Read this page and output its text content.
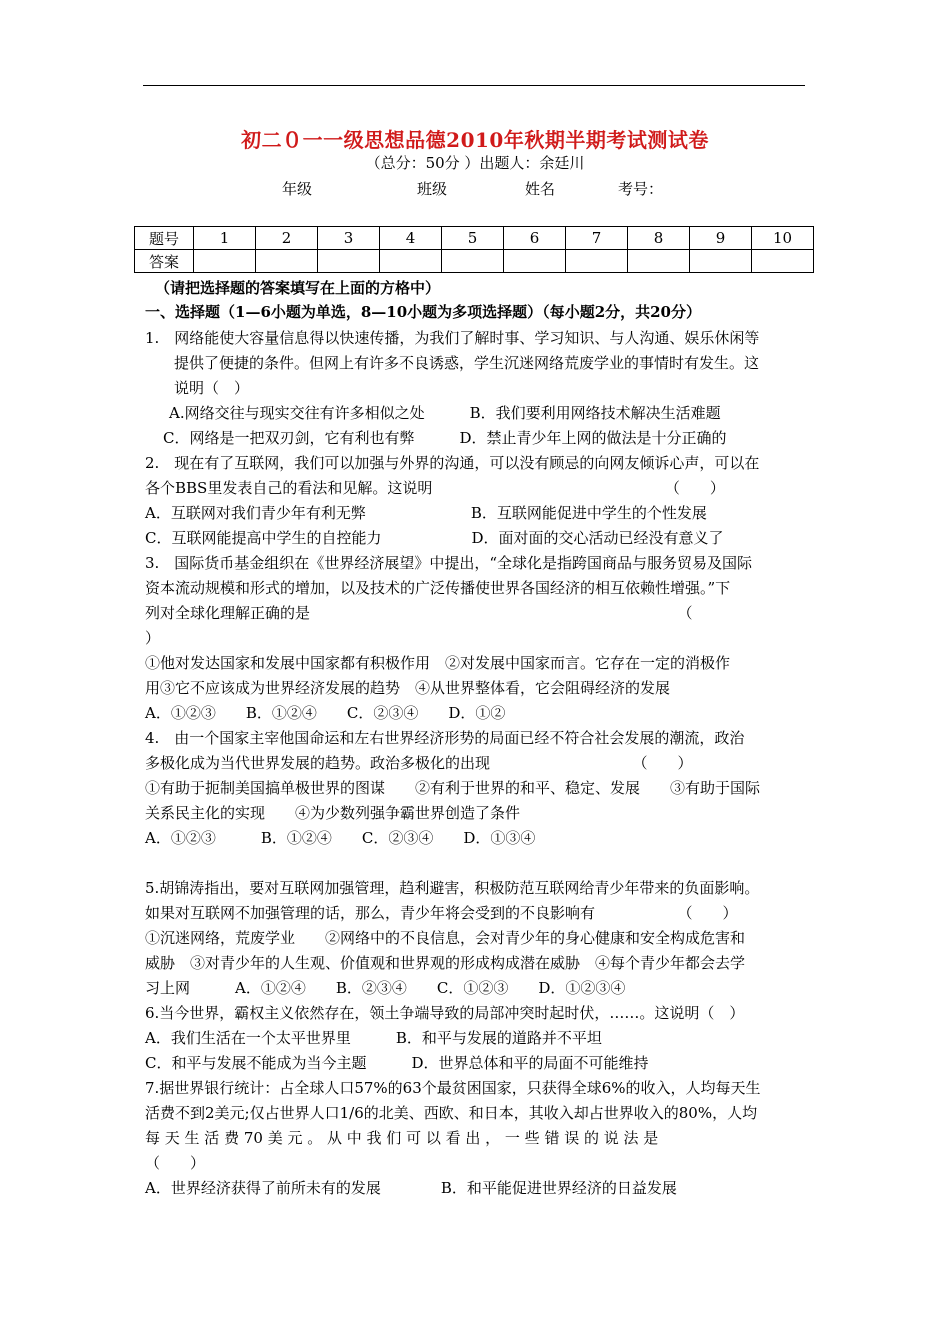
初二０一一级思想品德2010年秋期半期考试测试卷
（总分：50分 ）出题人：余廷川
年级	班级	姓名	考号：
题号	1	2	3	4	5	6	7	8	9	10
答案										
（请把选择题的答案填写在上面的方格中）
一、选择题（1—6小题为单选，8—10小题为多项选择题）（每小题2分，共20分）
1.　网络能使大容量信息得以快速传播，为我们了解时事、学习知识、与人沟通、娱乐休闲等
提供了便捷的条件。但网上有许多不良诱惑，学生沉迷网络荒废学业的事情时有发生。这
说明（　）
A.网络交往与现实交往有许多相似之处　　　B．我们要利用网络技术解决生活难题
C．网络是一把双刃剑，它有利也有弊　　　D．禁止青少年上网的做法是十分正确的
2.　现在有了互联网，我们可以加强与外界的沟通，可以没有顾忌的向网友倾诉心声，可以在
各个BBS里发表自己的看法和见解。这说明　　　　　　　　　　　　　　　　（　　）
A．互联网对我们青少年有利无弊　　　　　　　B．互联网能促进中学生的个性发展
C．互联网能提高中学生的自控能力　　　　　　D．面对面的交心活动已经没有意义了
3.　国际货币基金组织在《世界经济展望》中提出，“全球化是指跨国商品与服务贸易及国际
资本流动规模和形式的增加，以及技术的广泛传播使世界各国经济的相互依赖性增强。”下
列对全球化理解正确的是　　　　　　　　　　　　　　　　　　　　　　　　　（
）
①他对发达国家和发展中国家都有积极作用　②对发展中国家而言。它存在一定的消极作
用③它不应该成为世界经济发展的趋势　④从世界整体看，它会阻碍经济的发展
A．①②③　　B．①②④　　C．②③④　　D．①②
4.　由一个国家主宰他国命运和左右世界经济形势的局面已经不符合社会发展的潮流，政治
多极化成为当代世界发展的趋势。政治多极化的出现　　　　　　　　　　（　　）
①有助于扼制美国搞单极世界的图谋　　②有利于世界的和平、稳定、发展　　③有助于国际
关系民主化的实现　　④为少数列强争霸世界创造了条件
A．①②③　　　B．①②④　　C．②③④　　D．①③④
5.胡锦涛指出，要对互联网加强管理，趋利避害，积极防范互联网给青少年带来的负面影响。
如果对互联网不加强管理的话，那么，青少年将会受到的不良影响有　　　　　　（　　）
①沉迷网络，荒废学业　　②网络中的不良信息，会对青少年的身心健康和安全构成危害和
威胁　③对青少年的人生观、价值观和世界观的形成构成潜在威胁　④每个青少年都会去学
习上网　　　A．①②④　　B．②③④　　C．①②③　　D．①②③④
6.当今世界，霸权主义依然存在，领土争端导致的局部冲突时起时伏，……。这说明（　）
A．我们生活在一个太平世界里　　　B．和平与发展的道路并不平坦
C．和平与发展不能成为当今主题　　　D．世界总体和平的局面不可能维持
7.据世界银行统计：占全球人口57%的63个最贫困国家，只获得全球6%的收入，人均每天生
活费不到2美元;仅占世界人口1/6的北美、西欧、和日本，其收入却占世界收入的80%，人均
每 天 生 活 费 70 美 元 。 从 中 我 们 可 以 看 出 ， 一 些 错 误 的 说 法 是
（　　）
A．世界经济获得了前所未有的发展　　　　B．和平能促进世界经济的日益发展
